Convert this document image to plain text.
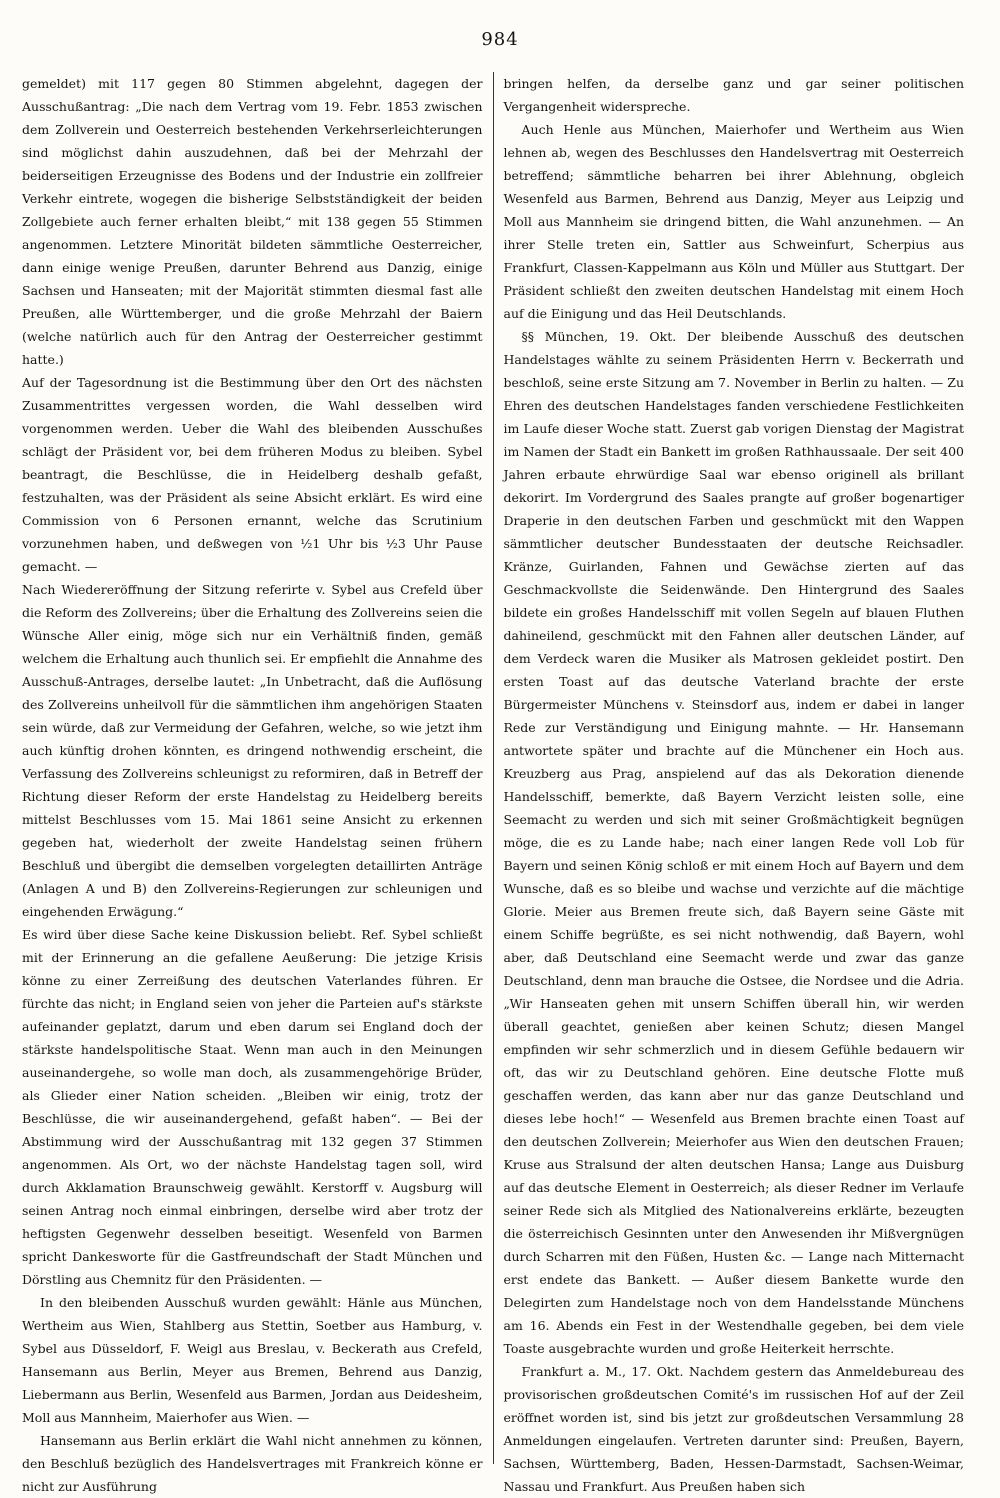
984

gemeldet) mit 117 gegen 80 Stimmen abgelehnt, dagegen der Ausschußantrag: „Die nach dem Vertrag vom 19. Febr. 1853 zwischen dem Zollverein und Oesterreich bestehenden Verkehrserleichterungen sind möglichst dahin auszudehnen, daß bei der Mehrzahl der beiderseitigen Erzeugnisse des Bodens und der Industrie ein zollfreier Verkehr eintrete, wogegen die bisherige Selbstständigkeit der beiden Zollgebiete auch ferner erhalten bleibt,“ mit 138 gegen 55 Stimmen angenommen. Letztere Minorität bildeten sämmtliche Oesterreicher, dann einige wenige Preußen, darunter Behrend aus Danzig, einige Sachsen und Hanseaten; mit der Majorität stimmten diesmal fast alle Preußen, alle Württemberger, und die große Mehrzahl der Baiern (welche natürlich auch für den Antrag der Oesterreicher gestimmt hatte.)

Auf der Tagesordnung ist die Bestimmung über den Ort des nächsten Zusammentrittes vergessen worden, die Wahl desselben wird vorgenommen werden. Ueber die Wahl des bleibenden Ausschußes schlägt der Präsident vor, bei dem früheren Modus zu bleiben. Sybel beantragt, die Beschlüsse, die in Heidelberg deshalb gefaßt, festzuhalten, was der Präsident als seine Absicht erklärt. Es wird eine Commission von 6 Personen ernannt, welche das Scrutinium vorzunehmen haben, und deßwegen von ½1 Uhr bis ½3 Uhr Pause gemacht. —

Nach Wiedereröffnung der Sitzung referirte v. Sybel aus Crefeld über die Reform des Zollvereins; über die Erhaltung des Zollvereins seien die Wünsche Aller einig, möge sich nur ein Verhältniß finden, gemäß welchem die Erhaltung auch thunlich sei. Er empfiehlt die Annahme des Ausschuß-Antrages, derselbe lautet: „In Unbetracht, daß die Auflösung des Zollvereins unheilvoll für die sämmtlichen ihm angehörigen Staaten sein würde, daß zur Vermeidung der Gefahren, welche, so wie jetzt ihm auch künftig drohen könnten, es dringend nothwendig erscheint, die Verfassung des Zollvereins schleunigst zu reformiren, daß in Betreff der Richtung dieser Reform der erste Handelstag zu Heidelberg bereits mittelst Beschlusses vom 15. Mai 1861 seine Ansicht zu erkennen gegeben hat, wiederholt der zweite Handelstag seinen frühern Beschluß und übergibt die demselben vorgelegten detaillirten Anträge (Anlagen A und B) den Zollvereins-Regierungen zur schleunigen und eingehenden Erwägung.“

Es wird über diese Sache keine Diskussion beliebt. Ref. Sybel schließt mit der Erinnerung an die gefallene Aeußerung: Die jetzige Krisis könne zu einer Zerreißung des deutschen Vaterlandes führen. Er fürchte das nicht; in England seien von jeher die Parteien auf's stärkste aufeinander geplatzt, darum und eben darum sei England doch der stärkste handelspolitische Staat. Wenn man auch in den Meinungen auseinandergehe, so wolle man doch, als zusammengehörige Brüder, als Glieder einer Nation scheiden. „Bleiben wir einig, trotz der Beschlüsse, die wir auseinandergehend, gefaßt haben“. — Bei der Abstimmung wird der Ausschußantrag mit 132 gegen 37 Stimmen angenommen. Als Ort, wo der nächste Handelstag tagen soll, wird durch Akklamation Braunschweig gewählt. Kerstorff v. Augsburg will seinen Antrag noch einmal einbringen, derselbe wird aber trotz der heftigsten Gegenwehr desselben beseitigt. Wesenfeld von Barmen spricht Dankesworte für die Gastfreundschaft der Stadt München und Dörstling aus Chemnitz für den Präsidenten. —

In den bleibenden Ausschuß wurden gewählt: Hänle aus München, Wertheim aus Wien, Stahlberg aus Stettin, Soetber aus Hamburg, v. Sybel aus Düsseldorf, F. Weigl aus Breslau, v. Beckerath aus Crefeld, Hansemann aus Berlin, Meyer aus Bremen, Behrend aus Danzig, Liebermann aus Berlin, Wesenfeld aus Barmen, Jordan aus Deidesheim, Moll aus Mannheim, Maierhofer aus Wien. —

Hansemann aus Berlin erklärt die Wahl nicht annehmen zu können, den Beschluß bezüglich des Handelsvertrages mit Frankreich könne er nicht zur Ausführung

bringen helfen, da derselbe ganz und gar seiner politischen Vergangenheit widerspreche.

Auch Henle aus München, Maierhofer und Wertheim aus Wien lehnen ab, wegen des Beschlusses den Handelsvertrag mit Oesterreich betreffend; sämmtliche beharren bei ihrer Ablehnung, obgleich Wesenfeld aus Barmen, Behrend aus Danzig, Meyer aus Leipzig und Moll aus Mannheim sie dringend bitten, die Wahl anzunehmen. — An ihrer Stelle treten ein, Sattler aus Schweinfurt, Scherpius aus Frankfurt, Classen-Kappelmann aus Köln und Müller aus Stuttgart. Der Präsident schließt den zweiten deutschen Handelstag mit einem Hoch auf die Einigung und das Heil Deutschlands.

§§ München, 19. Okt. Der bleibende Ausschuß des deutschen Handelstages wählte zu seinem Präsidenten Herrn v. Beckerrath und beschloß, seine erste Sitzung am 7. November in Berlin zu halten. — Zu Ehren des deutschen Handelstages fanden verschiedene Festlichkeiten im Laufe dieser Woche statt. Zuerst gab vorigen Dienstag der Magistrat im Namen der Stadt ein Bankett im großen Rathhaussaale. Der seit 400 Jahren erbaute ehrwürdige Saal war ebenso originell als brillant dekorirt. Im Vordergrund des Saales prangte auf großer bogenartiger Draperie in den deutschen Farben und geschmückt mit den Wappen sämmtlicher deutscher Bundesstaaten der deutsche Reichsadler. Kränze, Guirlanden, Fahnen und Gewächse zierten auf das Geschmackvollste die Seidenwände. Den Hintergrund des Saales bildete ein großes Handelsschiff mit vollen Segeln auf blauen Fluthen dahineilend, geschmückt mit den Fahnen aller deutschen Länder, auf dem Verdeck waren die Musiker als Matrosen gekleidet postirt. Den ersten Toast auf das deutsche Vaterland brachte der erste Bürgermeister Münchens v. Steinsdorf aus, indem er dabei in langer Rede zur Verständigung und Einigung mahnte. — Hr. Hansemann antwortete später und brachte auf die Münchener ein Hoch aus. Kreuzberg aus Prag, anspielend auf das als Dekoration dienende Handelsschiff, bemerkte, daß Bayern Verzicht leisten solle, eine Seemacht zu werden und sich mit seiner Großmächtigkeit begnügen möge, die es zu Lande habe; nach einer langen Rede voll Lob für Bayern und seinen König schloß er mit einem Hoch auf Bayern und dem Wunsche, daß es so bleibe und wachse und verzichte auf die mächtige Glorie. Meier aus Bremen freute sich, daß Bayern seine Gäste mit einem Schiffe begrüßte, es sei nicht nothwendig, daß Bayern, wohl aber, daß Deutschland eine Seemacht werde und zwar das ganze Deutschland, denn man brauche die Ostsee, die Nordsee und die Adria. „Wir Hanseaten gehen mit unsern Schiffen überall hin, wir werden überall geachtet, genießen aber keinen Schutz; diesen Mangel empfinden wir sehr schmerzlich und in diesem Gefühle bedauern wir oft, das wir zu Deutschland gehören. Eine deutsche Flotte muß geschaffen werden, das kann aber nur das ganze Deutschland und dieses lebe hoch!“ — Wesenfeld aus Bremen brachte einen Toast auf den deutschen Zollverein; Meierhofer aus Wien den deutschen Frauen; Kruse aus Stralsund der alten deutschen Hansa; Lange aus Duisburg auf das deutsche Element in Oesterreich; als dieser Redner im Verlaufe seiner Rede sich als Mitglied des Nationalvereins erklärte, bezeugten die österreichisch Gesinnten unter den Anwesenden ihr Mißvergnügen durch Scharren mit den Füßen, Husten &c. — Lange nach Mitternacht erst endete das Bankett. — Außer diesem Bankette wurde den Delegirten zum Handelstage noch von dem Handelsstande Münchens am 16. Abends ein Fest in der Westendhalle gegeben, bei dem viele Toaste ausgebrachte wurden und große Heiterkeit herrschte.

Frankfurt a. M., 17. Okt. Nachdem gestern das Anmeldebureau des provisorischen großdeutschen Comité's im russischen Hof auf der Zeil eröffnet worden ist, sind bis jetzt zur großdeutschen Versammlung 28 Anmeldungen eingelaufen. Vertreten darunter sind: Preußen, Bayern, Sachsen, Württemberg, Baden, Hessen-Darmstadt, Sachsen-Weimar, Nassau und Frankfurt. Aus Preußen haben sich
